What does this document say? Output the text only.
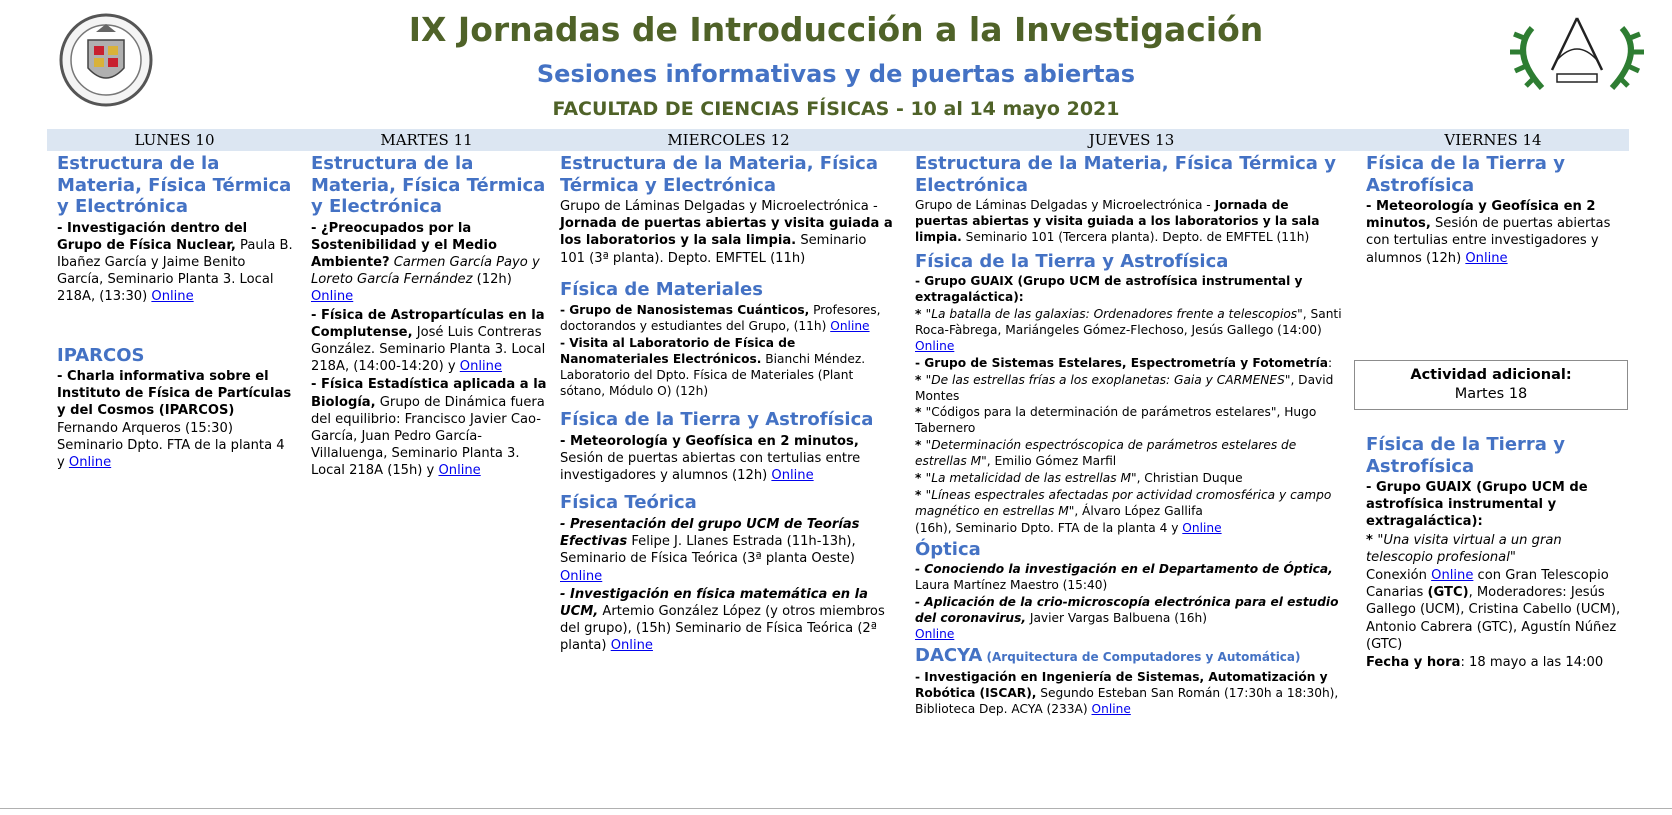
IX Jornadas de Introducción a la Investigación
Sesiones informativas y de puertas abiertas
FACULTAD DE CIENCIAS FÍSICAS - 10 al 14 mayo 2021
LUNES 10	MARTES 11	MIERCOLES 12	JUEVES 13	VIERNES 14
Estructura de la Materia, Física Térmica y Electrónica
- Investigación dentro del Grupo de Física Nuclear, Paula B. Ibañez García y Jaime Benito García, Seminario Planta 3. Local 218A, (13:30) Online
IPARCOS
- Charla informativa sobre el Instituto de Física de Partículas y del Cosmos (IPARCOS) Fernando Arqueros (15:30) Seminario Dpto. FTA de la planta 4 y Online
Estructura de la Materia, Física Térmica y Electrónica
- ¿Preocupados por la Sostenibilidad y el Medio Ambiente? Carmen García Payo y Loreto García Fernández (12h) Online
- Física de Astropartículas en la Complutense, José Luis Contreras González. Seminario Planta 3. Local 218A, (14:00-14:20) y Online
- Física Estadística aplicada a la Biología, Grupo de Dinámica fuera del equilibrio: Francisco Javier Cao-García, Juan Pedro García-Villaluenga, Seminario Planta 3. Local 218A (15h) y Online
Estructura de la Materia, Física Térmica y Electrónica
Grupo de Láminas Delgadas y Microelectrónica - Jornada de puertas abiertas y visita guiada a los laboratorios y la sala limpia. Seminario 101 (3ª planta). Depto. EMFTEL (11h)
Física de Materiales
- Grupo de Nanosistemas Cuánticos, Profesores, doctorandos y estudiantes del Grupo, (11h) Online
- Visita al Laboratorio de Física de Nanomateriales Electrónicos. Bianchi Méndez. Laboratorio del Dpto. Física de Materiales (Plant sótano, Módulo O) (12h)
Física de la Tierra y Astrofísica
- Meteorología y Geofísica en 2 minutos, Sesión de puertas abiertas con tertulias entre investigadores y alumnos (12h) Online
Física Teórica
- Presentación del grupo UCM de Teorías Efectivas Felipe J. Llanes Estrada (11h-13h), Seminario de Física Teórica (3ª planta Oeste) Online
- Investigación en física matemática en la UCM, Artemio González López (y otros miembros del grupo), (15h) Seminario de Física Teórica (2ª planta) Online
Estructura de la Materia, Física Térmica y Electrónica
Grupo de Láminas Delgadas y Microelectrónica - Jornada de puertas abiertas y visita guiada a los laboratorios y la sala limpia. Seminario 101 (Tercera planta). Depto. de EMFTEL (11h)
Física de la Tierra y Astrofísica
- Grupo GUAIX (Grupo UCM de astrofísica instrumental y extragaláctica):
* "La batalla de las galaxias: Ordenadores frente a telescopios", Santi Roca-Fàbrega, Mariángeles Gómez-Flechoso, Jesús Gallego (14:00) Online
- Grupo de Sistemas Estelares, Espectrometría y Fotometría:
* "De las estrellas frías a los exoplanetas: Gaia y CARMENES", David Montes
* "Códigos para la determinación de parámetros estelares", Hugo Tabernero
* "Determinación espectróscopica de parámetros estelares de estrellas M", Emilio Gómez Marfil
* "La metalicidad de las estrellas M", Christian Duque
* "Líneas espectrales afectadas por actividad cromosférica y campo magnético en estrellas M", Álvaro López Gallifa
(16h), Seminario Dpto. FTA de la planta 4 y Online
Óptica
- Conociendo la investigación en el Departamento de Óptica, Laura Martínez Maestro (15:40)
- Aplicación de la crio-microscopía electrónica para el estudio del coronavirus, Javier Vargas Balbuena (16h)
Online
DACYA (Arquitectura de Computadores y Automática)
- Investigación en Ingeniería de Sistemas, Automatización y Robótica (ISCAR), Segundo Esteban San Román (17:30h a 18:30h), Biblioteca Dep. ACYA (233A) Online
Física de la Tierra y Astrofísica
- Meteorología y Geofísica en 2 minutos, Sesión de puertas abiertas con tertulias entre investigadores y alumnos (12h) Online
Actividad adicional:
Martes 18
Física de la Tierra y Astrofísica
- Grupo GUAIX (Grupo UCM de astrofísica instrumental y extragaláctica):
* "Una visita virtual a un gran telescopio profesional"
Conexión Online con Gran Telescopio Canarias (GTC), Moderadores: Jesús Gallego (UCM), Cristina Cabello (UCM), Antonio Cabrera (GTC), Agustín Núñez (GTC)
Fecha y hora: 18 mayo a las 14:00
